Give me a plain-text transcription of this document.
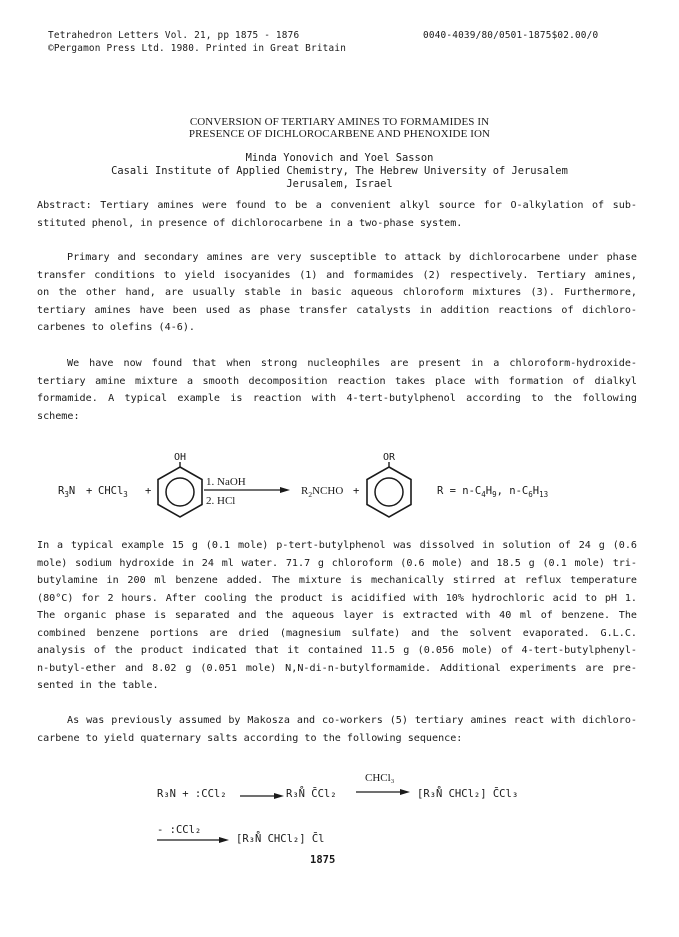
Tetrahedron Letters Vol. 21, pp 1875 - 1876
©Pergamon Press Ltd. 1980. Printed in Great Britain
0040-4039/80/0501-1875$02.00/0
CONVERSION OF TERTIARY AMINES TO FORMAMIDES IN
PRESENCE OF DICHLOROCARBENE AND PHENOXIDE ION
Minda Yonovich and Yoel Sasson
Casali Institute of Applied Chemistry, The Hebrew University of Jerusalem
Jerusalem, Israel
Abstract: Tertiary amines were found to be a convenient alkyl source for O-alkylation of sub-
stituted phenol, in presence of dichlorocarbene in a two-phase system.
Primary and secondary amines are very susceptible to attack by dichlorocarbene under phase
transfer conditions to yield isocyanides (1) and formamides (2) respectively. Tertiary amines,
on the other hand, are usually stable in basic aqueous chloroform mixtures (3). Furthermore,
tertiary amines have been used as phase transfer catalysts in addition reactions of dichloro-
carbenes to olefins (4-6).
We have now found that when strong nucleophiles are present in a chloroform-hydroxide-
tertiary amine mixture a smooth decomposition reaction takes place with formation of dialkyl
formamide. A typical example is reaction with 4-tert-butylphenol according to the following
scheme:
OH	OR
$R_3N$ + CHCl$_3$ +
1. NaOH
2. HCl
$R_2NCHO$ +	$R = n-C_4H_9$, $n-C_6H_{13}$
In a typical example 15 g (0.1 mole) p-tert-butylphenol was dissolved in solution of 24 g (0.6
mole) sodium hydroxide in 24 ml water. 71.7 g chloroform (0.6 mole) and 18.5 g (0.1 mole) tri-
butylamine in 200 ml benzene added. The mixture is mechanically stirred at reflux temperature
(80°C) for 2 hours. After cooling the product is acidified with 10% hydrochloric acid to pH 1.
The organic phase is separated and the aqueous layer is extracted with 40 ml of benzene. The
combined benzene portions are dried (magnesium sulfate) and the solvent evaporated. G.L.C.
analysis of the product indicated that it contained 11.5 g (0.056 mole) of 4-tert-butylphenyl-
n-butyl-ether and 8.02 g (0.051 mole) N,N-di-n-butylformamide. Additional experiments are pre-
sented in the table.
As was previously assumed by Makosza and co-workers (5) tertiary amines react with dichloro-
carbene to yield quaternary salts according to the following sequence:
R₃N + :CCl₂ → R₃N̊ C̄Cl₂
CHCl₃
→ [R₃N̊ CHCl₂] C̄Cl₃
- :CCl₂
[R₃N̊ CHCl₂] C̄l
1875
